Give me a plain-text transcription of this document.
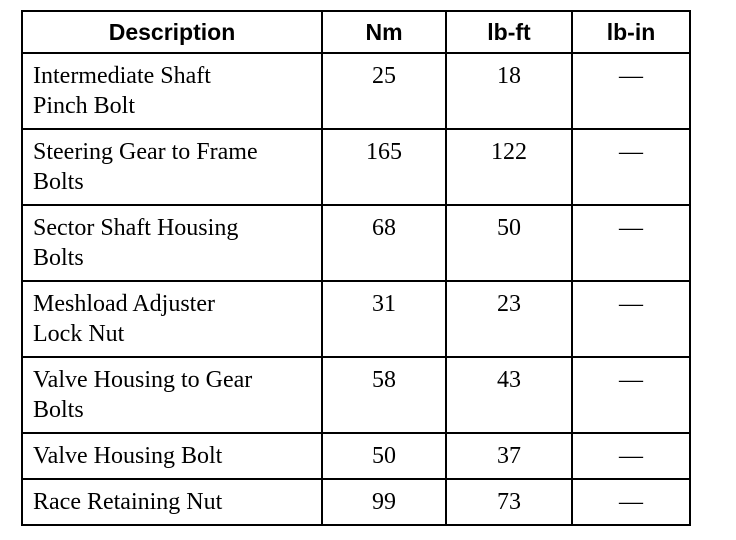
Description	Nm	lb-ft	lb-in
Intermediate Shaft
Pinch Bolt	25	18	—
Steering Gear to Frame
Bolts	165	122	—
Sector Shaft Housing
Bolts	68	50	—
Meshload Adjuster
Lock Nut	31	23	—
Valve Housing to Gear
Bolts	58	43	—
Valve Housing Bolt	50	37	—
Race Retaining Nut	99	73	—
